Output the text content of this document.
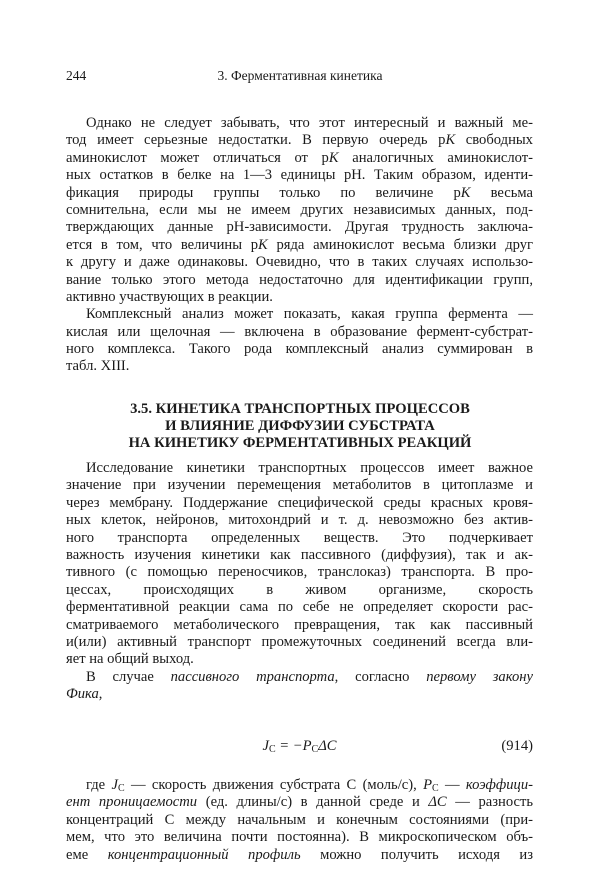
244	3. Ферментативная кинетика
Однако не следует забывать, что этот интересный и важный ме-
тод имеет серьезные недостатки. В первую очередь рK свободных
аминокислот может отличаться от рK аналогичных аминокислот-
ных остатков в белке на 1—3 единицы рН. Таким образом, иденти-
фикация природы группы только по величине рK весьма
сомнительна, если мы не имеем других независимых данных, под-
тверждающих данные рН-зависимости. Другая трудность заключа-
ется в том, что величины рK ряда аминокислот весьма близки друг
к другу и даже одинаковы. Очевидно, что в таких случаях использо-
вание только этого метода недостаточно для идентификации групп,
активно участвующих в реакции.
Комплексный анализ может показать, какая группа фермента —
кислая или щелочная — включена в образование фермент-субстрат-
ного комплекса. Такого рода комплексный анализ суммирован в
табл. XIII.
3.5. КИНЕТИКА ТРАНСПОРТНЫХ ПРОЦЕССОВ
И ВЛИЯНИЕ ДИФФУЗИИ СУБСТРАТА
НА КИНЕТИКУ ФЕРМЕНТАТИВНЫХ РЕАКЦИЙ
Исследование кинетики транспортных процессов имеет важное
значение при изучении перемещения метаболитов в цитоплазме и
через мембрану. Поддержание специфической среды красных кровя-
ных клеток, нейронов, митохондрий и т. д. невозможно без актив-
ного транспорта определенных веществ. Это подчеркивает
важность изучения кинетики как пассивного (диффузия), так и ак-
тивного (с помощью переносчиков, транслоказ) транспорта. В про-
цессах, происходящих в живом организме, скорость
ферментативной реакции сама по себе не определяет скорости рас-
сматриваемого метаболического превращения, так как пассивный
и(или) активный транспорт промежуточных соединений всегда вли-
яет на общий выход.
В случае пассивного транспорта, согласно первому закону
Фика,
$J_C = -P_C\Delta C$	(914)
где $J_C$ — скорость движения субстрата С (моль/с), $P_C$ — коэффици-
ент проницаемости (ед. длины/с) в данной среде и ΔC — разность
концентраций С между начальным и конечным состояниями (при-
мем, что это величина почти постоянна). В микроскопическом объ-
еме концентрационный профиль можно получить исходя из
